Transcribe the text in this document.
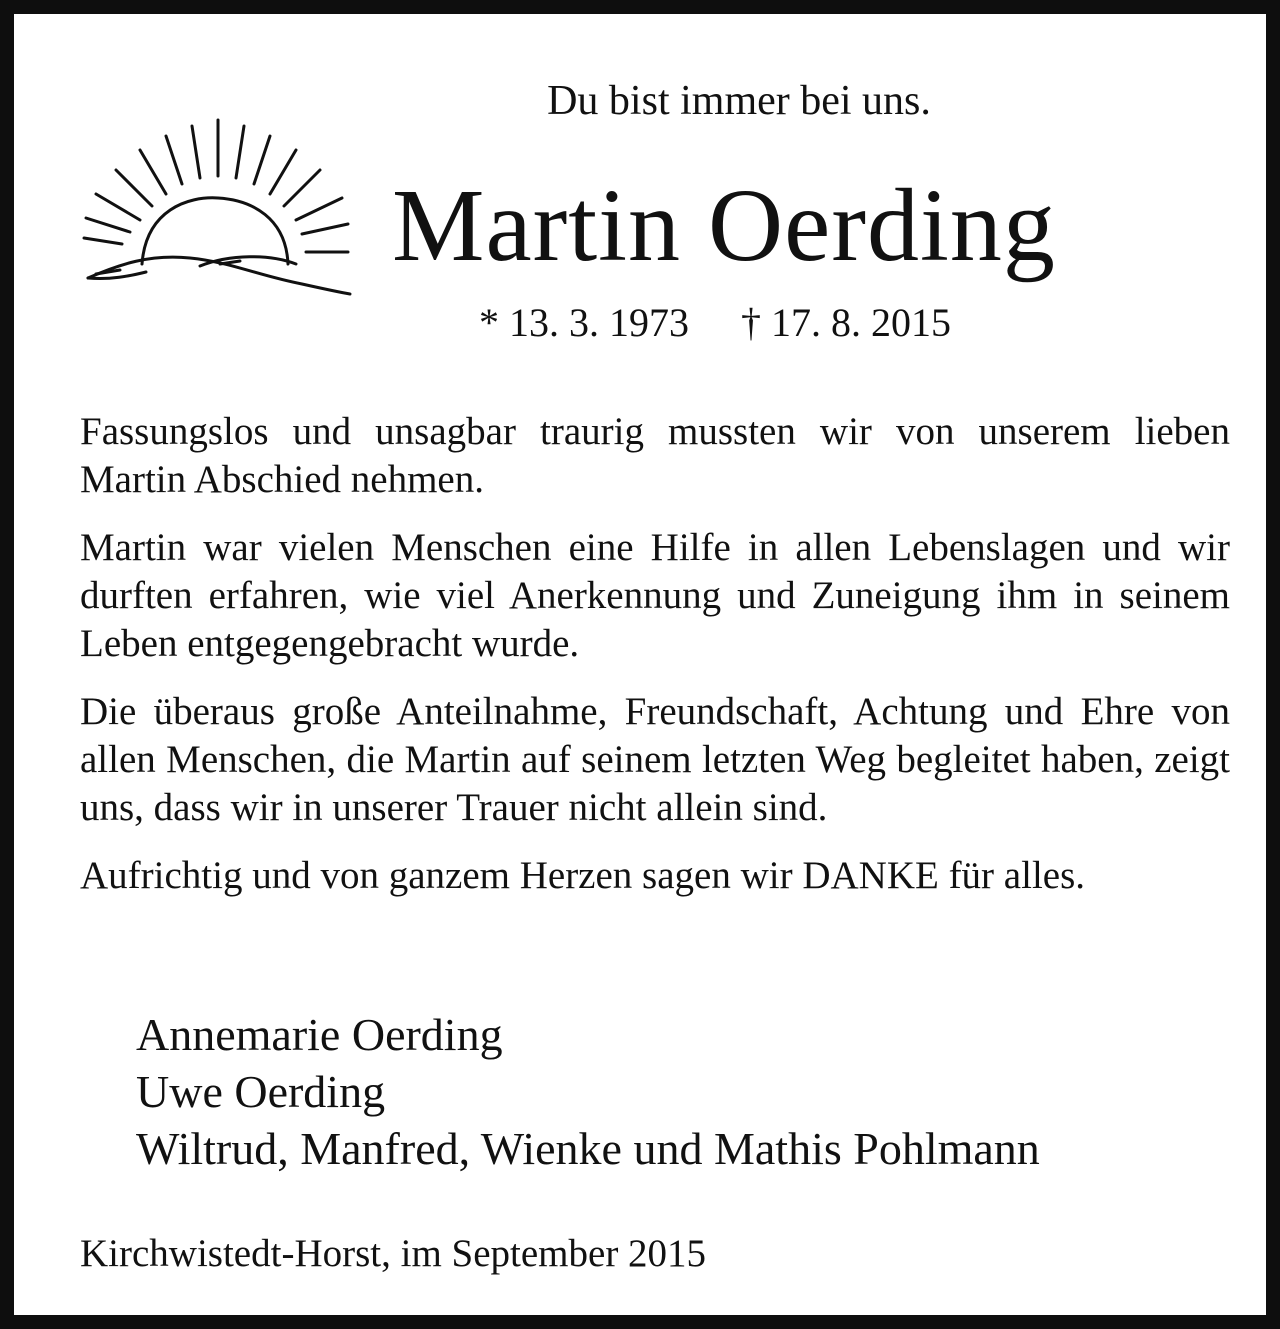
Du bist immer bei uns.
Martin Oerding
* 13. 3. 1973 † 17. 8. 2015

Fassungslos und unsagbar traurig mussten wir von unserem lieben Martin Abschied nehmen.

Martin war vielen Menschen eine Hilfe in allen Lebenslagen und wir durften erfahren, wie viel Anerkennung und Zuneigung ihm in seinem Leben entgegengebracht wurde.

Die überaus große Anteilnahme, Freundschaft, Achtung und Ehre von allen Menschen, die Martin auf seinem letzten Weg begleitet haben, zeigt uns, dass wir in unserer Trauer nicht allein sind.

Aufrichtig und von ganzem Herzen sagen wir DANKE für alles.

Annemarie Oerding
Uwe Oerding
Wiltrud, Manfred, Wienke und Mathis Pohlmann
Kirchwistedt-Horst, im September 2015
